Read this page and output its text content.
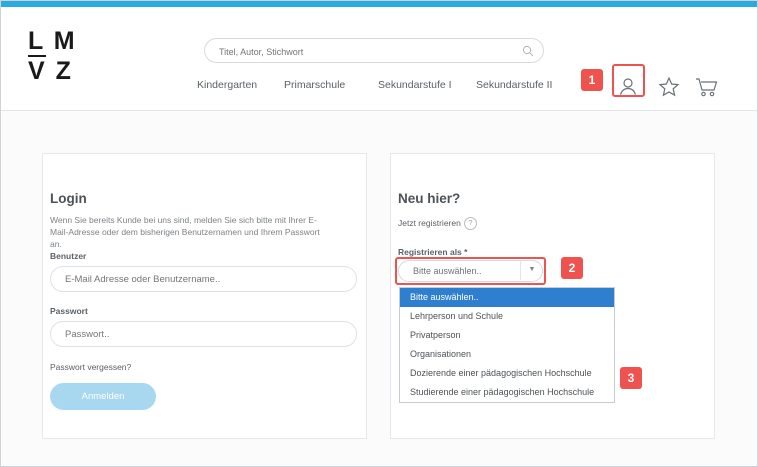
L M
V Z
Titel, Autor, Stichwort	Kindergarten	Primarschule	Sekundarstufe I Sekundarstufe II	1
Login
Wenn Sie bereits Kunde bei uns sind, melden Sie sich bitte mit Ihrer E-Mail-Adresse oder dem bisherigen Benutzernamen und Ihrem Passwort an.
Benutzer
E-Mail Adresse oder Benutzername..
Passwort
Passwort vergessen?
Anmelden
Neu hier?
Jetzt registrieren	?
Registrieren als *
Bitte auswählen..	▼	2
Bitte auswählen..
Lehrperson und Schule
Privatperson
Organisationen
Dozierende einer pädagogischen Hochschule
Studierende einer pädagogischen Hochschule
3
